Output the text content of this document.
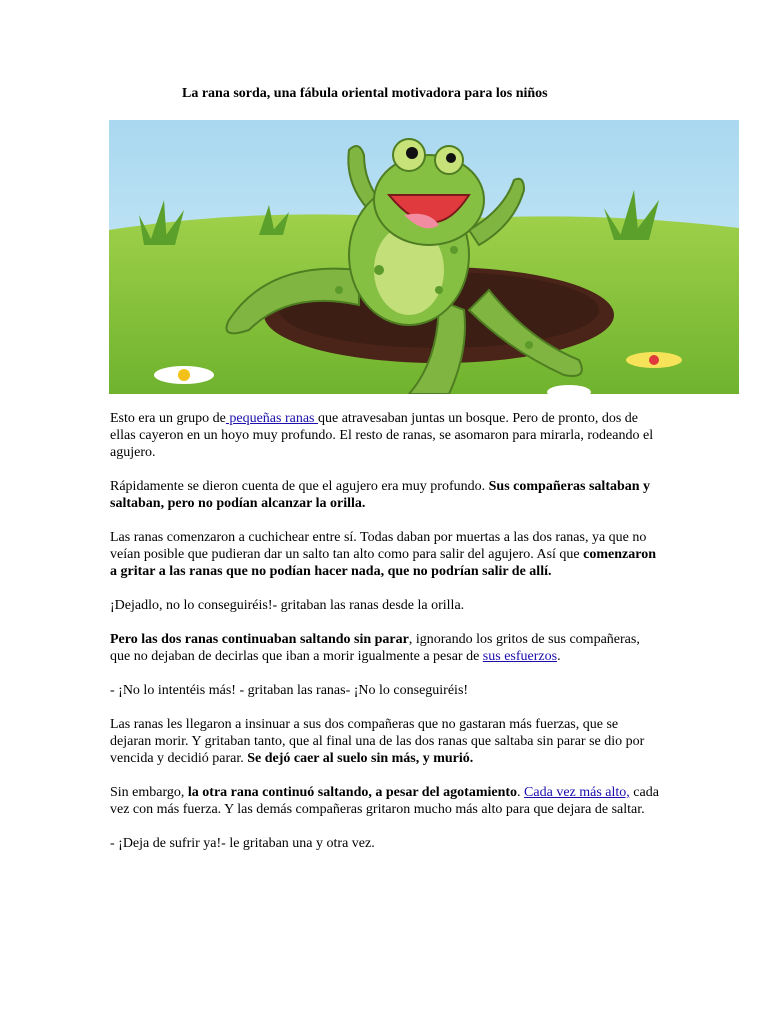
La rana sorda, una fábula oriental motivadora para los niños

Esto era un grupo de pequeñas ranas que atravesaban juntas un bosque. Pero de pronto, dos de ellas cayeron en un hoyo muy profundo. El resto de ranas, se asomaron para mirarla, rodeando el agujero.

Rápidamente se dieron cuenta de que el agujero era muy profundo. Sus compañeras saltaban y saltaban, pero no podían alcanzar la orilla.

Las ranas comenzaron a cuchichear entre sí. Todas daban por muertas a las dos ranas, ya que no veían posible que pudieran dar un salto tan alto como para salir del agujero. Así que comenzaron a gritar a las ranas que no podían hacer nada, que no podrían salir de allí.

¡Dejadlo, no lo conseguiréis!- gritaban las ranas desde la orilla.

Pero las dos ranas continuaban saltando sin parar, ignorando los gritos de sus compañeras, que no dejaban de decirlas que iban a morir igualmente a pesar de sus esfuerzos.

- ¡No lo intentéis más! - gritaban las ranas- ¡No lo conseguiréis!

Las ranas les llegaron a insinuar a sus dos compañeras que no gastaran más fuerzas, que se dejaran morir. Y gritaban tanto, que al final una de las dos ranas que saltaba sin parar se dio por vencida y decidió parar. Se dejó caer al suelo sin más, y murió.

Sin embargo, la otra rana continuó saltando, a pesar del agotamiento. Cada vez más alto, cada vez con más fuerza. Y las demás compañeras gritaron mucho más alto para que dejara de saltar.

- ¡Deja de sufrir ya!- le gritaban una y otra vez.
